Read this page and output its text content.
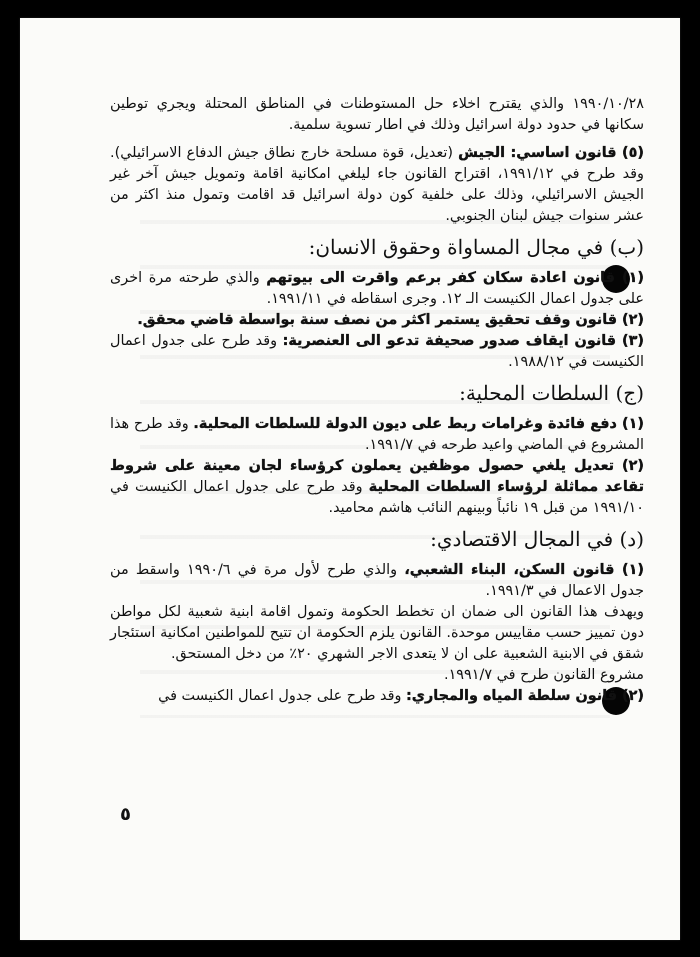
١٩٩٠/١٠/٢٨ والذي يقترح اخلاء حل المستوطنات في المناطق المحتلة ويجري توطين سكانها في حدود دولة اسرائيل وذلك في اطار تسوية سلمية.

(٥) قانون اساسي: الجيش (تعديل، قوة مسلحة خارج نطاق جيش الدفاع الاسرائيلي). وقد طرح في ١٩٩١/١٢، اقتراح القانون جاء ليلغي امكانية اقامة وتمويل جيش آخر غير الجيش الاسرائيلي، وذلك على خلفية كون دولة اسرائيل قد اقامت وتمول منذ اكثر من عشر سنوات جيش لبنان الجنوبي.

(ب) في مجال المساواة وحقوق الانسان:

(١) قانون اعادة سكان كفر برعم واقرت الى بيوتهم والذي طرحته مرة اخرى على جدول اعمال الكنيست الـ ١٢. وجرى اسقاطه في ١٩٩١/١١.

(٢) قانون وقف تحقيق يستمر اكثر من نصف سنة بواسطة قاضي محقق.

(٣) قانون ايقاف صدور صحيفة تدعو الى العنصرية: وقد طرح على جدول اعمال الكنيست في ١٩٨٨/١٢.

(ج) السلطات المحلية:

(١) دفع فائدة وغرامات ربط على ديون الدولة للسلطات المحلية. وقد طرح هذا المشروع في الماضي واعيد طرحه في ١٩٩١/٧.

(٢) تعديل يلغي حصول موظفين يعملون كرؤساء لجان معينة على شروط تقاعد مماثلة لرؤساء السلطات المحلية وقد طرح على جدول اعمال الكنيست في ١٩٩١/١٠ من قبل ١٩ نائباً وبينهم النائب هاشم محاميد.

(د) في المجال الاقتصادي:

(١) قانون السكن، البناء الشعبي، والذي طرح لأول مرة في ١٩٩٠/٦ واسقط من جدول الاعمال في ١٩٩١/٣.

ويهدف هذا القانون الى ضمان ان تخطط الحكومة وتمول اقامة ابنية شعبية لكل مواطن دون تمييز حسب مقاييس موحدة. القانون يلزم الحكومة ان تتيح للمواطنين امكانية استئجار شقق في الابنية الشعبية على ان لا يتعدى الاجر الشهري ٢٠٪ من دخل المستحق.

مشروع القانون طرح في ١٩٩١/٧.

(٢) قانون سلطة المياه والمجاري: وقد طرح على جدول اعمال الكنيست في

٥
